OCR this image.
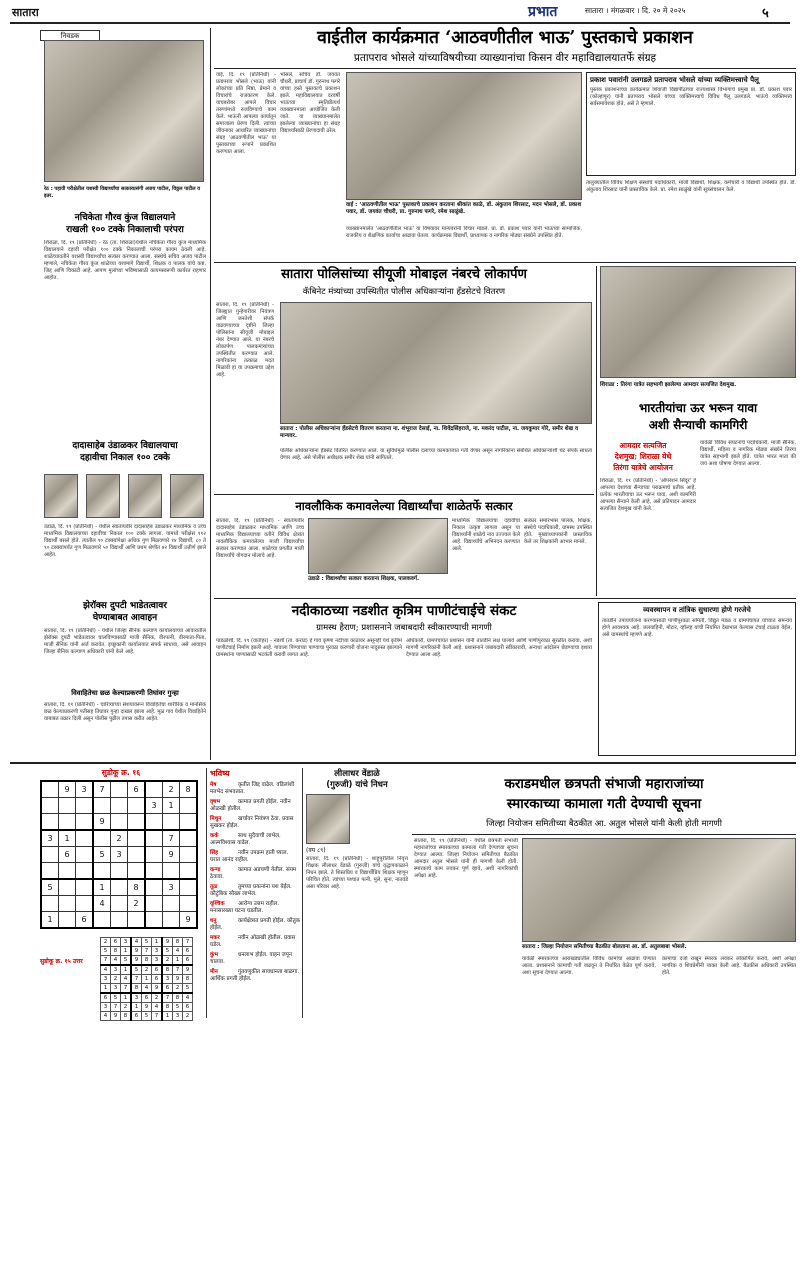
सातारा	प्रभात	सातारा । मंगळवार । दि. २० मे २०२५	५
निवडक
रेठ : पहावी परीक्षेतील यशस्वी विद्यार्थ्यांचा सत्कारप्रसंगी अजय पाटील, विठ्ठल पाटील व इतर.
नचिकेता गौरव कुंज विद्यालयाने
राखली १०० टक्के निकालाची परंपरा
शिराळा, दि. १९ (प्रतिनिधी) - रेठ (ता. शिराळा)येथील नचिकेता गौरव कुंज माध्यमिक विद्यालयाने दहावी परीक्षेत १०० टक्के निकालाची परंपरा कायम ठेवली आहे. शाळेच्यावतीने यशस्वी विद्यार्थ्यांचा सत्कार करण्यात आला. संस्थेचे सचिव अजय पाटील म्हणाले, नचिकेता गौरव कुंज शाळेच्या यशामागे विद्यार्थी, शिक्षक व पालक यांचे कष्ट, जिद्द आणि चिकाटी आहे. आपण मुलांच्या भविष्यासाठी कायमस्वरूपी कार्यरत राहणार आहोत.
दादासाहेब उंडाळकर विद्यालयाचा
दहावीचा निकाल १०० टक्के
उंडाळे, दि. १९ (प्रतिनिधी) - येथील स्वातंत्र्यवीर दादासाहेब उंडाळकर माध्यमिक व उच्च माध्यमिक विद्यालयाच्या दहावीचा निकाल १०० टक्के लागला. यामध्ये परीक्षेस ११२ विद्यार्थी बसले होते. त्यातील ९० टक्क्यांपेक्षा अधिक गुण मिळवणारे १४ विद्यार्थी, ८० ते ९० टक्क्यांपर्यंत गुण मिळवणारे ५० विद्यार्थी आणि प्रथम श्रेणीत ४२ विद्यार्थी उत्तीर्ण झाले आहेत.
झेरॉक्स दुपटी भाडेतत्वावर
घेण्याबाबत आवाहन
सातारा, दि. १९ (प्रतिनिधी) - येथील जिल्हा सैनिक कल्याण कार्यालयाच्या आवारातील झेरॉक्स दुपटी भाडेतत्वावर चालविण्यासाठी माजी सैनिक, वीरपत्नी, वीरमाता-पिता, माजी सैनिक यांनी अर्ज करावेत. इच्छुकांनी कार्यालयात संपर्क साधावा, असे आवाहन जिल्हा सैनिक कल्याण अधिकारी यांनी केले आहे.
विवाहितेचा छळ केल्याप्रकरणी तिघांवर गुन्हा
सातारा, दि. १९ (प्रतिनिधी) - चारित्र्याच्या संशयावरून विवाहितेचा शारीरिक व मानसिक छळ केल्याप्रकरणी पतीसह तिघांवर गुन्हा दाखल झाला आहे. मूळ गाव येथील विवाहितेने याबाबत तक्रार दिली असून पोलीस पुढील तपास करीत आहेत.
वाईतील कार्यक्रमात ‘आठवणीतील भाऊ’ पुस्तकाचे प्रकाशन
प्रतापराव भोसले यांच्याविषयीच्या व्याख्यानांचा किसन वीर महाविद्यालयातर्फे संग्रह
वाई, दि. १९ (प्रतिनिधी) - प्रतापराव भोसले (भाऊ) यांनी लोकांच्या प्रति निष्ठा, प्रेमाने व विचारांचे राजकारण केले. याचबरोबर आपले विचार तरुणांमध्ये रुजविण्याचे काम केले. भाऊंनी आपल्या कार्यातून समाजाला प्रेरणा दिली. त्यांच्या जीवनावर आधारित व्याख्यानांचा संग्रह 'आठवणीतील भाऊ' या पुस्तकाच्या रूपाने प्रकाशित करण्यात आला.
भोसले, सचिव डॉ. जयवंत चौधरी, प्राचार्य डॉ. गुरुनाथ फगरे यांच्या हस्ते पुस्तकाचे प्रकाशन झाले. महाविद्यालयात दरवर्षी भाऊंच्या स्मृतिप्रीत्यर्थ व्याख्यानमाला आयोजित केली जाते. या व्याख्यानमालेत झालेल्या व्याख्यानांचा हा संग्रह विद्यार्थ्यांसाठी प्रेरणादायी ठरेल.
वाई : ‘आठवणीतील भाऊ’ पुस्तकाचे प्रकाशन करताना श्रीकांत काळे, डॉ. अंकुताय शिरसाट, मदन भोसले, डॉ. प्रकाश पवार, डॉ. जयवंत चौधरी, प्रा. गुरुनाथ फगरे, रमेश साळुंखे.
व्याख्यानमालेत 'आठवणीतील भाऊ' या विषयावर मान्यवरांनी विचार मांडले. प्रा. डॉ. प्रकाश पवार यांनी भाऊंच्या सामाजिक, राजकीय व शैक्षणिक कार्याचा आढावा घेतला. कार्यक्रमास विद्यार्थी, प्राध्यापक व नागरिक मोठ्या संख्येने उपस्थित होते.
प्रकाश पवारांनी उलगडले प्रतापराव भोसले यांच्या व्यक्तिमत्त्वाचे पैलू
पुस्तक प्रकाशनाच्या कार्यक्रमात शिवाजी विद्यापीठाच्या राज्यशास्त्र विभागाचे प्रमुख प्रा. डॉ. प्रकाश पवार (कोल्हापूर) यांनी प्रतापराव भोसले यांच्या व्यक्तिमत्त्वाचे विविध पैलू उलगडले. भाऊंचे व्यक्तिमत्त्व सर्वसमावेशक होते, असे ते म्हणाले.
तालुक्यातील विविध शिक्षण संस्थांचे पदाधिकारी, माजी विद्यार्थी, शिक्षक, कर्मचारी व विद्यार्थी उपस्थित होते. डॉ. अंकुताय शिरसाट यांनी प्रास्ताविक केले. प्रा. रमेश साळुंखे यांनी सूत्रसंचालन केले.
सातारा पोलिसांच्या सीयूजी मोबाइल नंबरचे लोकार्पण
कॅबिनेट मंत्र्यांच्या उपस्थितीत पोलीस अधिकाऱ्यांना हँडसेटचे वितरण
सातारा, दि. १९ (प्रतिनिधी) - जिल्ह्यात गुन्हेगारीवर नियंत्रण आणि जनतेशी संपर्क वाढवण्याच्या दृष्टीने जिल्हा पोलिसांना सीयूजी मोबाइल नंबर देण्यात आले. या नंबरचे लोकार्पण पालकमंत्र्यांच्या उपस्थितीत करण्यात आले. नागरिकांना तत्काळ मदत मिळावी हा या उपक्रमाचा उद्देश आहे.
सातारा : पोलीस अधिकाऱ्यांना हँडसेटचे वितरण करताना ना. शंभूराज देसाई, ना. शिवेंद्रसिंहराजे, ना. मकरंद पाटील, ना. जयकुमार गोरे, समीर शेख व मान्यवर.
पोलीस अधिकाऱ्यांना हँडसेट वितरित करण्यात आले. या सुविधेमुळे पोलीस दलाच्या कामकाजात गती येणार असून नागरिकांना संबंधित अधिकाऱ्यांशी थेट संपर्क साधता येणार आहे, असे पोलीस अधीक्षक समीर शेख यांनी सांगितले.
शिराळा : तिरंगा यात्रेत सहभागी झालेल्या आमदार सत्यजित देशमुख.
भारतीयांचा ऊर भरून यावा
अशी सैन्याची कामगिरी
आमदार सत्यजित
देशमुख; शिराळा येथे
तिरंगा यात्रेचे आयोजन
शिराळा, दि. १९ (प्रतिनिधी) - 'ऑपरेशन सिंदूर' हे आपल्या देशाच्या सैन्याच्या पराक्रमाचे प्रतीक आहे. प्रत्येक भारतीयाचा ऊर भरून यावा, अशी कामगिरी आपल्या सैन्याने केली आहे, असे प्रतिपादन आमदार सत्यजित देशमुख यांनी केले.
यावेळी विविध संघटनांचे पदाधिकारी, माजी सैनिक, विद्यार्थी, महिला व नागरिक मोठ्या संख्येने तिरंगा यात्रेत सहभागी झाले होते. यात्रेत भारत माता की जय अशा घोषणा देण्यात आल्या.
नावलौकिक कमावलेल्या विद्यार्थ्यांचा शाळेतर्फे सत्कार
सातारा, दि. १९ (प्रतिनिधी) - स्वातंत्र्यवीर दादासाहेब उंडाळकर माध्यमिक आणि उच्च माध्यमिक विद्यालयाच्या वतीने विविध क्षेत्रांत नावलौकिक कमावलेल्या माजी विद्यार्थ्यांचा सत्कार करण्यात आला. शाळेच्या प्रगतीत माजी विद्यार्थ्यांचे योगदान मोलाचे आहे.
उंडाळे : विद्यार्थ्यांचा सत्कार करताना शिक्षक, पालकवर्ग.
माध्यमिक विद्यालयाचा दहावीचा निकाल उत्कृष्ट लागला असून या विद्यार्थ्यांनी शाळेचे नाव उज्ज्वल केले आहे. विद्यार्थ्यांचे अभिनंदन करण्यात आले.
सत्कार समारंभास पालक, शिक्षक, संस्थेचे पदाधिकारी, ग्रामस्थ उपस्थित होते. मुख्याध्यापकांनी प्रास्ताविक केले तर शिक्षकांनी आभार मानले.
नदीकाठच्या नडशीत कृत्रिम पाणीटंचाईचे संकट
ग्रामस्थ हैराण; प्रशासनाने जबाबदारी स्वीकारण्याची मागणी
पाडळोशी, दि. १९ (वार्ताहर) - नडशी (ता. कराड) हे गाव कृष्णा नदीच्या काठावर असूनही येथे कृत्रिम पाणीटंचाई निर्माण झाली आहे. गावाला पिण्याच्या पाण्याचा पुरवठा करणारी योजना नादुरुस्त झाल्याने ग्रामस्थांना पाण्यासाठी भटकंती करावी लागत आहे.
अधिकारी, ग्रामपंचायत प्रशासन यांनी तातडीने लक्ष घालावे आणि पाणीपुरवठा सुरळीत करावा, अशी मागणी नागरिकांनी केली आहे. प्रशासनाने जबाबदारी स्वीकारावी, अन्यथा आंदोलन छेडण्याचा इशारा देण्यात आला आहे.
व्यवस्थापन व तांत्रिक सुधारणा होणे गरजेचे
तातडीने उपाययोजना करण्यासाठी पाणीपुरवठा समिती, विद्युत मंडळ व ग्रामपंचायत यांच्यात समन्वय होणे आवश्यक आहे. जलवाहिनी, मोटार, व्हॉल्व्ह यांची नियमित देखभाल केल्यास टंचाई टाळता येईल, असे ग्रामस्थांचे म्हणणे आहे.
सुडोकू क्र. १६
	9	3	7		6		2	8
						3	1	
			9					
3	1			2			7	
	6		5	3			9	

5			1		8		3	
			4		2			
1		6						9
सुडोकू क्र. १५ उत्तर
2	6	3	4	5	1	9	8	7
5	8	1	9	7	3	5	4	6
7	4	5	9	8	3	2	1	6
4	3	1	5	2	6	8	7	9
3	2	4	7	1	6	3	9	8
1	3	7	8	4	9	6	2	5
6	5	1	3	6	2	7	8	4
3	7	2	1	9	4	8	5	6
4	9	8	6	5	7	1	3	2
भविष्य
मेष	कृतीत जिद्द वाढेल. वडिलांशी मतभेद संभवतात.
वृषभ	कामात प्रगती होईल. नवीन ओळखी होतील.
मिथुन	खर्चावर नियंत्रण ठेवा. प्रवास सुखकर होईल.
कर्क	साथ सुदैवाची लाभेल. आत्मविश्वास वाढेल.
सिंह	नवीन उपक्रम हाती घ्याल. घरात आनंद राहील.
कन्या	कामात अडचणी येतील. संयम ठेवावा.
तूळ	तुमच्या प्रयत्नांना यश येईल. कौटुंबिक सौख्य लाभेल.
वृश्चिक आरोग्य उत्तम राहील. मनासारख्या घटना घडतील.
धनु	कार्यक्षेत्रात प्रगती होईल. कौतुक होईल.
मकर	नवीन ओळखी होतील. प्रवास घडेल.
कुंभ	धनलाभ होईल. वाहन जपून चालवा.
मीन	गुंतवणुकीत सावधानता बाळगा. आर्थिक प्रगती होईल.
लीलाधर वेंडाळे
(गुरुजी) यांचे निधन
(वय ८९)
सातारा, दि. १९ (प्रतिनिधी) - शाहूपुरीतील निवृत्त शिक्षक लीलाधर वेंडाळे (गुरुजी) यांचे वृद्धापकाळाने निधन झाले. ते शिस्तप्रिय व विद्यार्थीप्रिय शिक्षक म्हणून परिचित होते. त्यांच्या पश्चात पत्नी, मुले, सुना, नातवंडे असा परिवार आहे.
कराडमधील छत्रपती संभाजी महाराजांच्या
स्मारकाच्या कामाला गती देण्याची सूचना
जिल्हा नियोजन समितीच्या बैठकीत आ. अतुल भोसले यांनी केली होती मागणी
सातारा, दि. १९ (प्रतिनिधी) - येथील छत्रपती संभाजी महाराजांच्या स्मारकाच्या कामाला गती देण्याच्या सूचना देण्यात आल्या. जिल्हा नियोजन समितीच्या बैठकीत आमदार अतुल भोसले यांनी ही मागणी केली होती. स्मारकाचे काम लवकर पूर्ण व्हावे, अशी नागरिकांची अपेक्षा आहे.
सातारा : जिल्हा नियोजन समितीच्या बैठकीत बोलताना आ. डॉ. अतुलबाबा भोसले.
यावेळी स्मारकाच्या आराखड्यातील विविध कामांचा आढावा घेण्यात आला. प्रशासनाने कामाची गती वाढवून ते निर्धारित वेळेत पूर्ण करावे, अशा सूचना देण्यात आल्या.
कामाचा दर्जा राखून स्मारक लवकर लोकार्पित करावे, अशी अपेक्षा नागरिक व शिवप्रेमींनी व्यक्त केली आहे. बैठकीस अधिकारी उपस्थित होते.
